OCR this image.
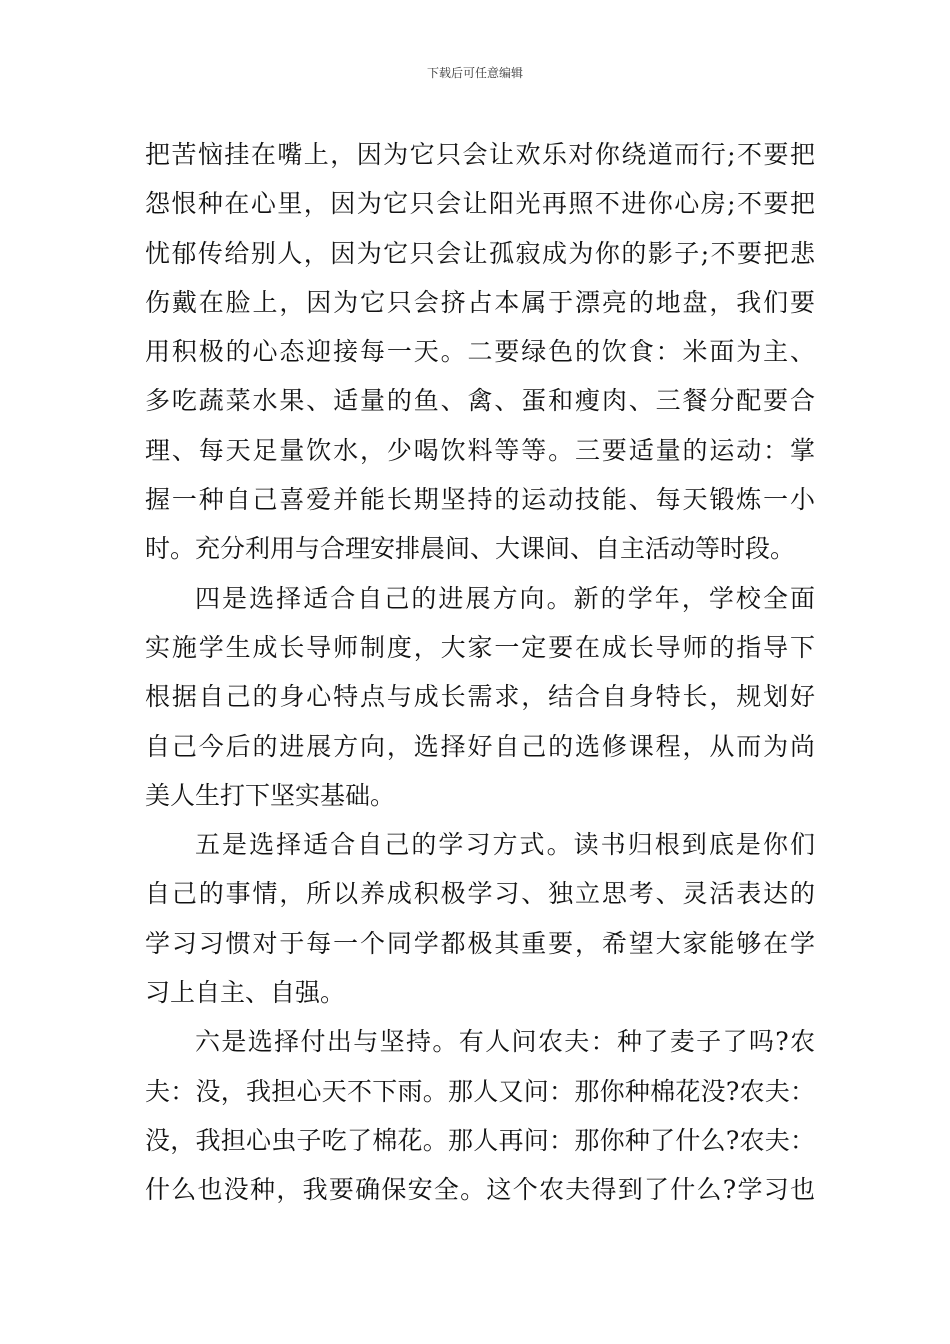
下载后可任意编辑
把苦恼挂在嘴上，因为它只会让欢乐对你绕道而行;不要把
怨恨种在心里，因为它只会让阳光再照不进你心房;不要把
忧郁传给别人，因为它只会让孤寂成为你的影子;不要把悲
伤戴在脸上，因为它只会挤占本属于漂亮的地盘，我们要
用积极的心态迎接每一天。二要绿色的饮食：米面为主、
多吃蔬菜水果、适量的鱼、禽、蛋和瘦肉、三餐分配要合
理、每天足量饮水，少喝饮料等等。三要适量的运动：掌
握一种自己喜爱并能长期坚持的运动技能、每天锻炼一小
时。充分利用与合理安排晨间、大课间、自主活动等时段。
四是选择适合自己的进展方向。新的学年，学校全面
实施学生成长导师制度，大家一定要在成长导师的指导下
根据自己的身心特点与成长需求，结合自身特长，规划好
自己今后的进展方向，选择好自己的选修课程，从而为尚
美人生打下坚实基础。
五是选择适合自己的学习方式。读书归根到底是你们
自己的事情，所以养成积极学习、独立思考、灵活表达的
学习习惯对于每一个同学都极其重要，希望大家能够在学
习上自主、自强。
六是选择付出与坚持。有人问农夫：种了麦子了吗?农
夫：没，我担心天不下雨。那人又问：那你种棉花没?农夫：
没，我担心虫子吃了棉花。那人再问：那你种了什么?农夫：
什么也没种，我要确保安全。这个农夫得到了什么?学习也
